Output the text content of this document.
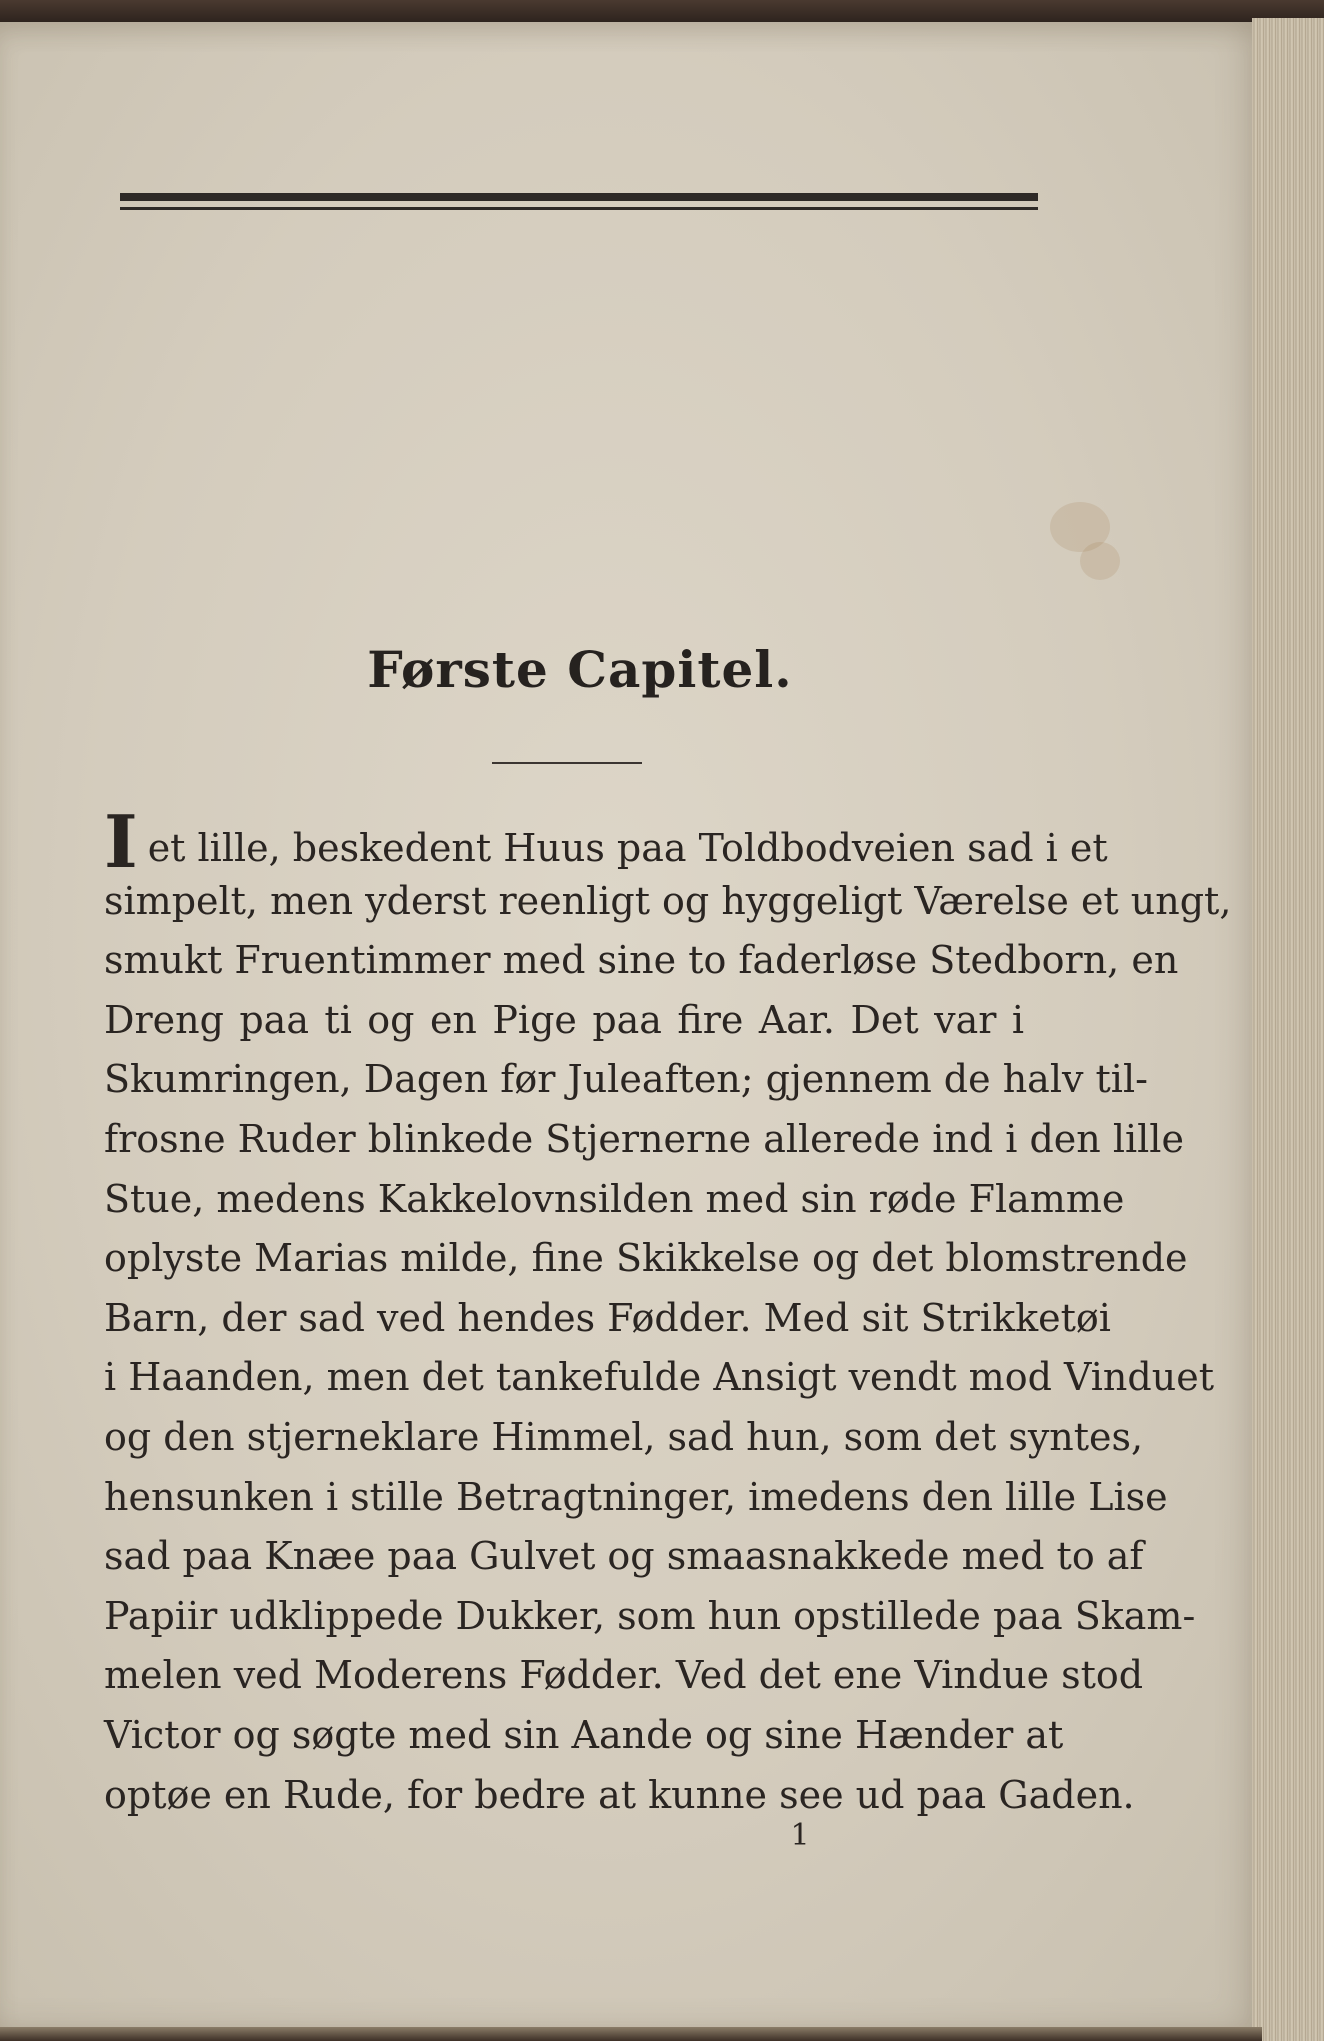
Første Capitel.
Iet lille, beskedent Huus paa Toldbodveien sad i et
simpelt, men yderst reenligt og hyggeligt Værelse et ungt,
smukt Fruentimmer med sine to faderløse Stedborn, en
Dreng paa ti og en Pige paa fire Aar. Det var i
Skumringen, Dagen før Juleaften; gjennem de halv til-
frosne Ruder blinkede Stjernerne allerede ind i den lille
Stue, medens Kakkelovnsilden med sin røde Flamme
oplyste Marias milde, fine Skikkelse og det blomstrende
Barn, der sad ved hendes Fødder. Med sit Strikketøi
i Haanden, men det tankefulde Ansigt vendt mod Vinduet
og den stjerneklare Himmel, sad hun, som det syntes,
hensunken i stille Betragtninger, imedens den lille Lise
sad paa Knæe paa Gulvet og smaasnakkede med to af
Papiir udklippede Dukker, som hun opstillede paa Skam-
melen ved Moderens Fødder. Ved det ene Vindue stod
Victor og søgte med sin Aande og sine Hænder at
optøe en Rude, for bedre at kunne see ud paa Gaden.
1
